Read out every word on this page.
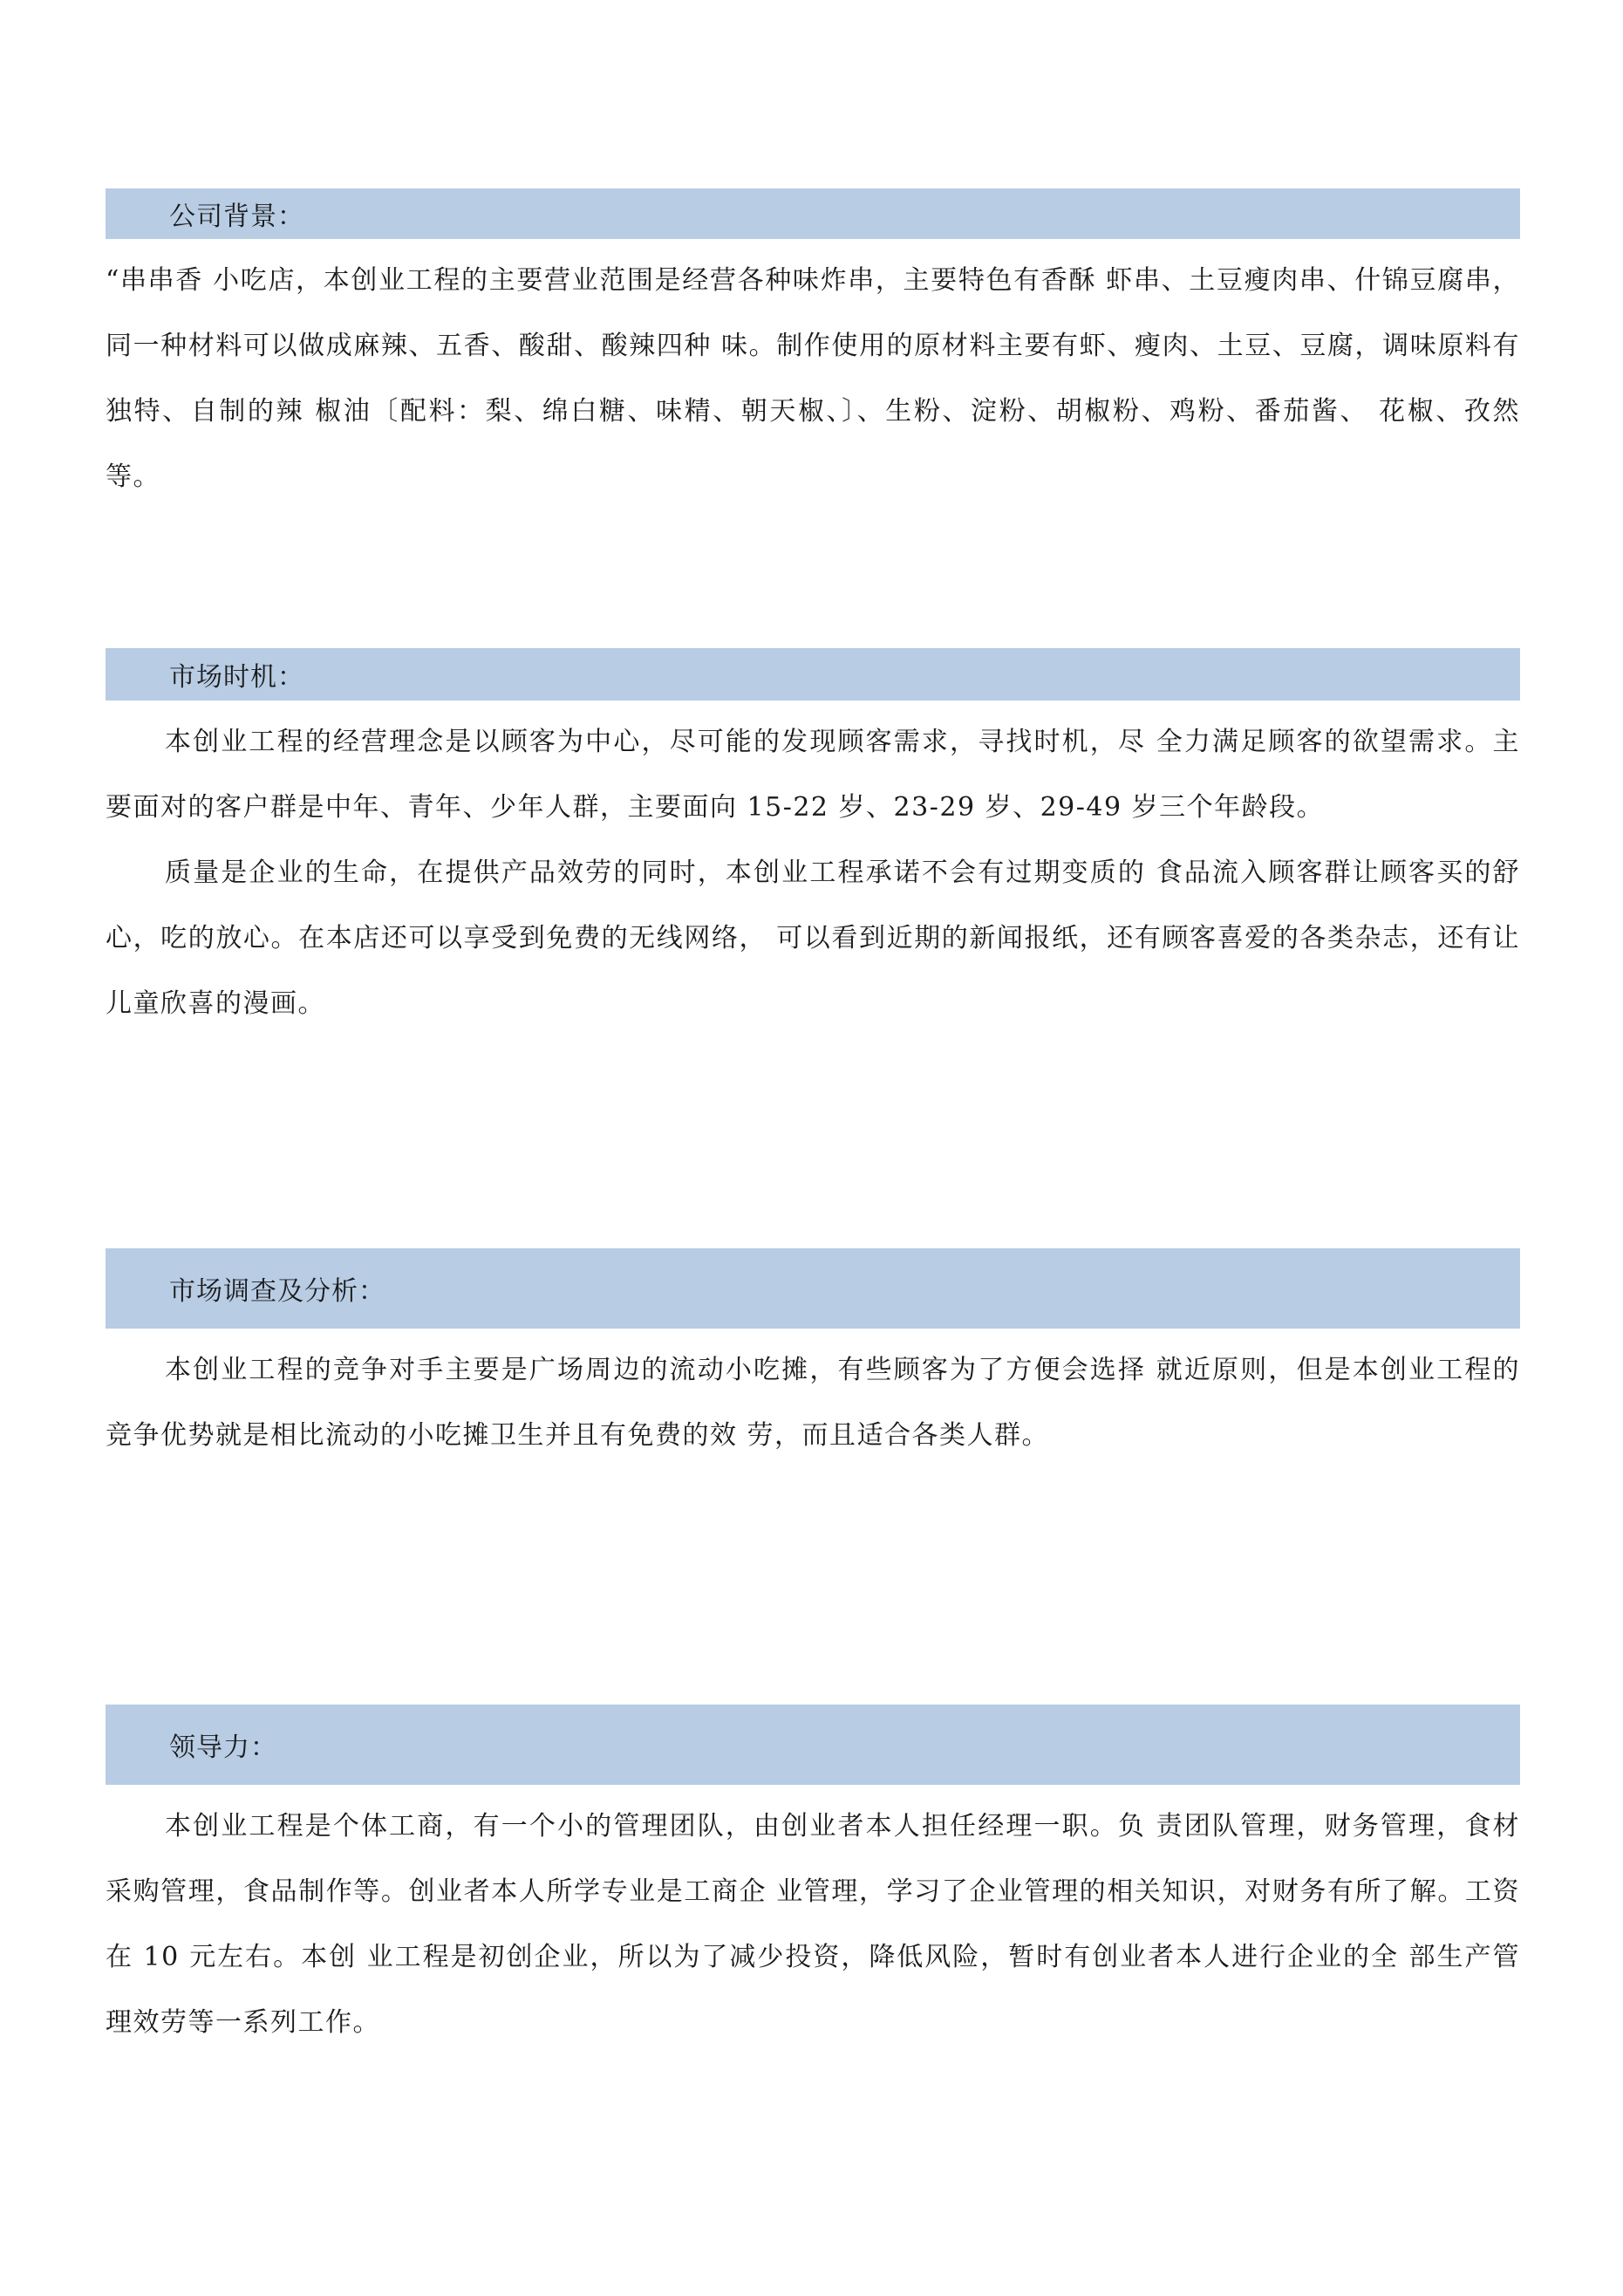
公司背景：

“串串香 小吃店，本创业工程的主要营业范围是经营各种味炸串，主要特色有香酥 虾串、土豆瘦肉串、什锦豆腐串，同一种材料可以做成麻辣、五香、酸甜、酸辣四种 味。制作使用的原材料主要有虾、瘦肉、土豆、豆腐，调味原料有独特、自制的辣 椒油〔配料：梨、绵白糖、味精、朝天椒、〕、生粉、淀粉、胡椒粉、鸡粉、番茄酱、 花椒、孜然等。

市场时机：

本创业工程的经营理念是以顾客为中心，尽可能的发现顾客需求，寻找时机，尽 全力满足顾客的欲望需求。主要面对的客户群是中年、青年、少年人群，主要面向 15-22 岁、23-29 岁、29-49 岁三个年龄段。

质量是企业的生命，在提供产品效劳的同时，本创业工程承诺不会有过期变质的 食品流入顾客群让顾客买的舒心，吃的放心。在本店还可以享受到免费的无线网络， 可以看到近期的新闻报纸，还有顾客喜爱的各类杂志，还有让儿童欣喜的漫画。

市场调查及分析：

本创业工程的竞争对手主要是广场周边的流动小吃摊，有些顾客为了方便会选择 就近原则，但是本创业工程的竞争优势就是相比流动的小吃摊卫生并且有免费的效 劳，而且适合各类人群。

领导力：

本创业工程是个体工商，有一个小的管理团队，由创业者本人担任经理一职。负 责团队管理，财务管理，食材采购管理，食品制作等。创业者本人所学专业是工商企 业管理，学习了企业管理的相关知识，对财务有所了解。工资在 10 元左右。本创 业工程是初创企业，所以为了减少投资，降低风险，暂时有创业者本人进行企业的全 部生产管理效劳等一系列工作。
